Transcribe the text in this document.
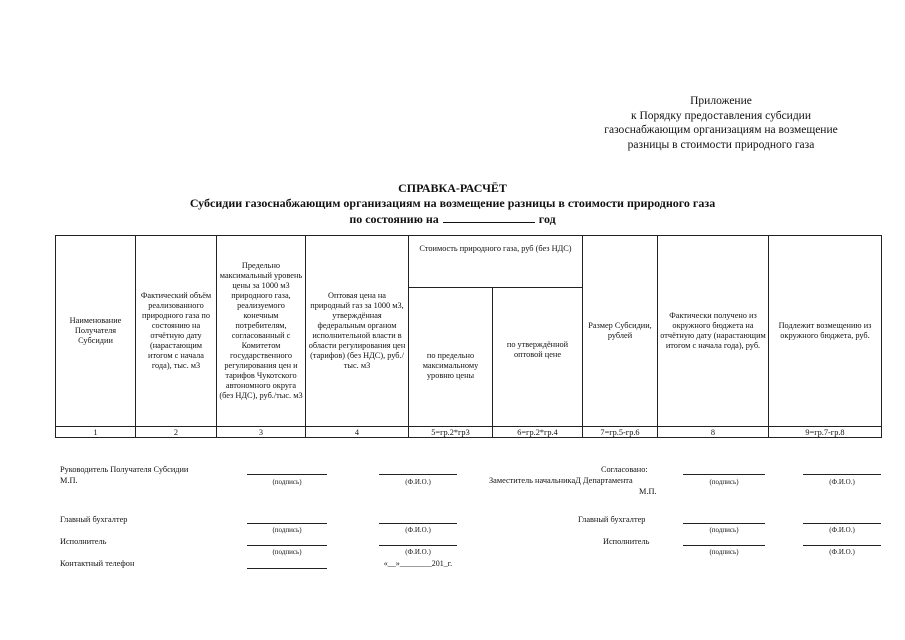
Приложение
к Порядку предоставления субсидии
газоснабжающим организациям на возмещение
разницы в стоимости природного газа
СПРАВКА-РАСЧЁТ
Субсидии газоснабжающим организациям на возмещение разницы в стоимости природного газа
по состоянию на	год
Наименование Получателя Субсидии	Фактический объём реализованного природного газа по состоянию на отчётную дату (нарастающим итогом с начала года), тыс. м3	Предельно максимальный уровень цены за 1000 м3 природного газа, реализуемого конечным потребителям, согласованный с Комитетом государственного регулирования цен и тарифов Чукотского автономного округа (без НДС), руб./тыс. м3	Оптовая цена на природный газ за 1000 м3, утверждённая федеральным органом исполнительной власти в области регулирования цен (тарифов) (без НДС), руб./тыс. м3	Стоимость природного газа, руб (без НДС)		Размер Субсидии, рублей	Фактически получено из окружного бюджета на отчётную дату (нарастающим итогом с начала года), руб.	Подлежит возмещению из окружного бюджета, руб.
				по предельно максимальному уровню цены	по утверждённой оптовой цене			
1	2	3	4	5=гр.2*гр3	6=гр.2*гр.4	7=гр.5-гр.6	8	9=гр.7-гр.8
Руководитель Получателя Субсидии
М.П.	(подпись)	(Ф.И.О.)
Главный бухгалтер
(подпись)	(Ф.И.О.)
Исполнитель
(подпись)	(Ф.И.О.)
Контактный телефон	«__»________201_г.
Согласовано:
Заместитель начальникаД Департамента
М.П.
(подпись)	(Ф.И.О.)
Главный бухгалтер
(подпись)	(Ф.И.О.)
Исполнитель
(подпись)	(Ф.И.О.)
